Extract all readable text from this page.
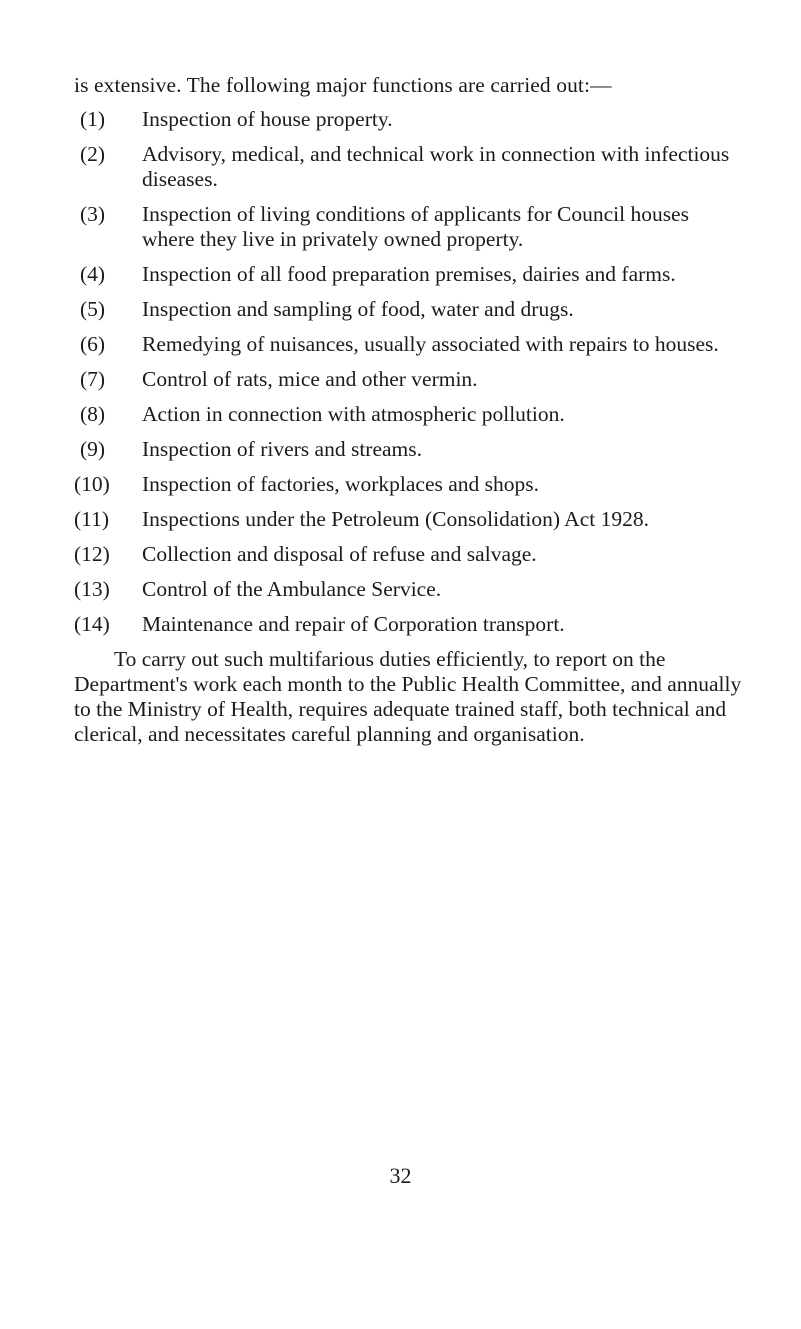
is extensive. The following major functions are carried out:—

(1)	Inspection of house property.
(2)	Advisory, medical, and technical work in connection with infectious diseases.
(3)	Inspection of living conditions of applicants for Council houses where they live in privately owned property.
(4)	Inspection of all food preparation premises, dairies and farms.
(5)	Inspection and sampling of food, water and drugs.
(6)	Remedying of nuisances, usually associated with repairs to houses.
(7)	Control of rats, mice and other vermin.
(8)	Action in connection with atmospheric pollution.
(9)	Inspection of rivers and streams.
(10)	Inspection of factories, workplaces and shops.
(11)	Inspections under the Petroleum (Consolidation) Act 1928.
(12)	Collection and disposal of refuse and salvage.
(13)	Control of the Ambulance Service.
(14)	Maintenance and repair of Corporation transport.

To carry out such multifarious duties efficiently, to report on the Department's work each month to the Public Health Committee, and annually to the Ministry of Health, requires adequate trained staff, both technical and clerical, and necessitates careful planning and organisation.

32
